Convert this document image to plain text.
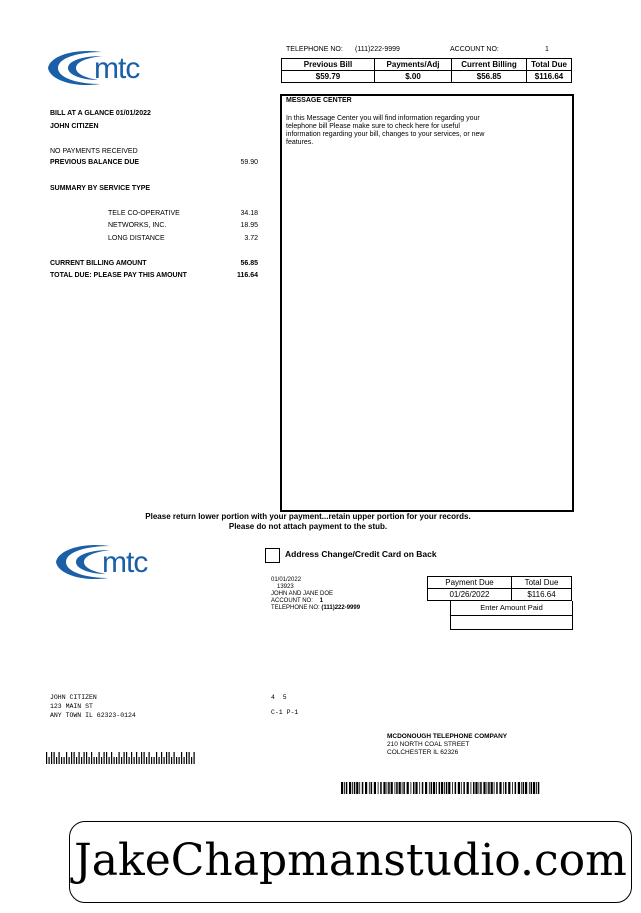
mtc
TELEPHONE NO: (111)222-9999	ACCOUNT NO:	1
Previous Bill	Payments/Adj	Current Billing	Total Due
$59.79	$.00	$56.85	$116.64
BILL AT A GLANCE 01/01/2022
JOHN CITIZEN
NO PAYMENTS RECEIVED
PREVIOUS BALANCE DUE	59.90
SUMMARY BY SERVICE TYPE
TELE CO-OPERATIVE	34.18
NETWORKS, INC.	18.95
LONG DISTANCE	3.72
CURRENT BILLING AMOUNT	56.85
TOTAL DUE: PLEASE PAY THIS AMOUNT	116.64
MESSAGE CENTER
In this Message Center you will find information regarding your
telephone bill Please make sure to check here for useful
information regarding your bill, changes to your services, or new
features.
Please return lower portion with your payment...retain upper portion for your records.
Please do not attach payment to the stub.
mtc	Address Change/Credit Card on Back
01/01/2022
13923
JOHN AND JANE DOE
ACCOUNT NO: 1
TELEPHONE NO: (111)222-9999
Payment Due	Total Due
01/26/2022	$116.64
Enter Amount Paid
JOHN CITIZEN
123 MAIN ST
ANY TOWN IL 62323-0124
4  5
C-1 P-1
MCDONOUGH TELEPHONE COMPANY
210 NORTH COAL STREET
COLCHESTER IL 62326
JakeChapmanstudio.com
